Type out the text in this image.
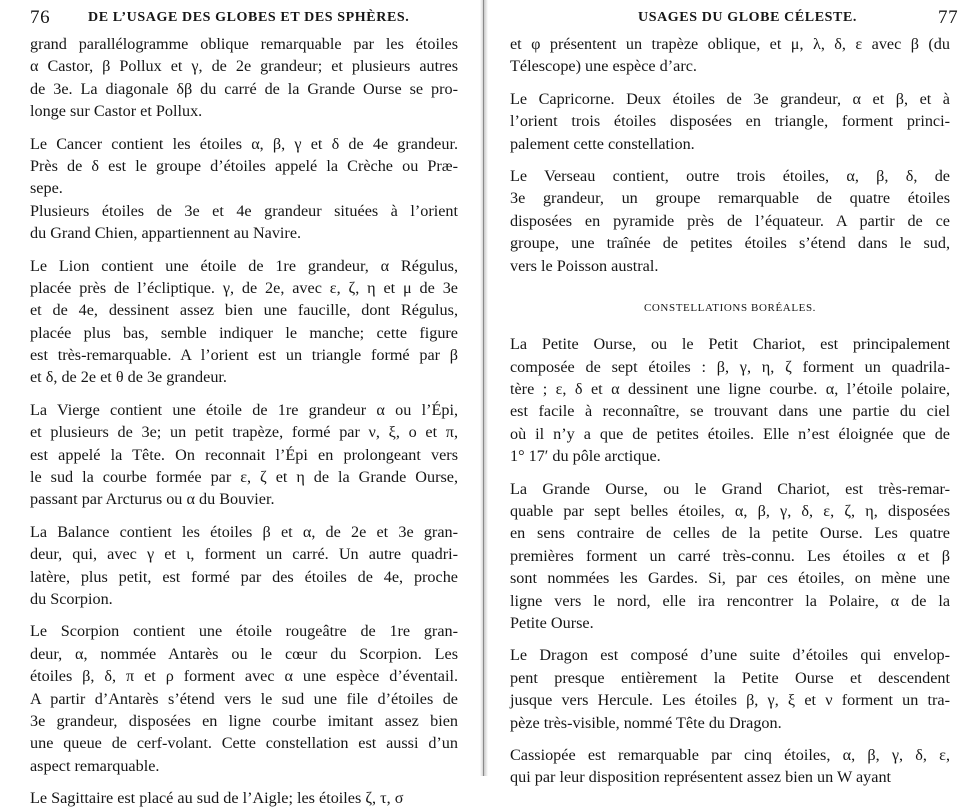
76	DE L’USAGE DES GLOBES ET DES SPHÈRES.
grand parallélogramme oblique remarquable par les étoiles
α Castor, β Pollux et γ, de 2e grandeur; et plusieurs autres
de 3e. La diagonale δβ du carré de la Grande Ourse se pro-
longe sur Castor et Pollux.
Le Cancer contient les étoiles α, β, γ et δ de 4e grandeur.
Près de δ est le groupe d’étoiles appelé la Crèche ou Præ-
sepe.
Plusieurs étoiles de 3e et 4e grandeur situées à l’orient
du Grand Chien, appartiennent au Navire.
Le Lion contient une étoile de 1re grandeur, α Régulus,
placée près de l’écliptique. γ, de 2e, avec ε, ζ, η et μ de 3e
et de 4e, dessinent assez bien une faucille, dont Régulus,
placée plus bas, semble indiquer le manche; cette figure
est très-remarquable. A l’orient est un triangle formé par β
et δ, de 2e et θ de 3e grandeur.
La Vierge contient une étoile de 1re grandeur α ou l’Épi,
et plusieurs de 3e; un petit trapèze, formé par ν, ξ, ο et π,
est appelé la Tête. On reconnait l’Épi en prolongeant vers
le sud la courbe formée par ε, ζ et η de la Grande Ourse,
passant par Arcturus ou α du Bouvier.
La Balance contient les étoiles β et α, de 2e et 3e gran-
deur, qui, avec γ et ι, forment un carré. Un autre quadri-
latère, plus petit, est formé par des étoiles de 4e, proche
du Scorpion.
Le Scorpion contient une étoile rougeâtre de 1re gran-
deur, α, nommée Antarès ou le cœur du Scorpion. Les
étoiles β, δ, π et ρ forment avec α une espèce d’éventail.
A partir d’Antarès s’étend vers le sud une file d’étoiles de
3e grandeur, disposées en ligne courbe imitant assez bien
une queue de cerf-volant. Cette constellation est aussi d’un
aspect remarquable.
Le Sagittaire est placé au sud de l’Aigle; les étoiles ζ, τ, σ
USAGES DU GLOBE CÉLESTE.	77
et φ présentent un trapèze oblique, et μ, λ, δ, ε avec β (du
Télescope) une espèce d’arc.
Le Capricorne. Deux étoiles de 3e grandeur, α et β, et à
l’orient trois étoiles disposées en triangle, forment princi-
palement cette constellation.
Le Verseau contient, outre trois étoiles, α, β, δ, de
3e grandeur, un groupe remarquable de quatre étoiles
disposées en pyramide près de l’équateur. A partir de ce
groupe, une traînée de petites étoiles s’étend dans le sud,
vers le Poisson austral.
CONSTELLATIONS BORÉALES.
La Petite Ourse, ou le Petit Chariot, est principalement
composée de sept étoiles : β, γ, η, ζ forment un quadrila-
tère ; ε, δ et α dessinent une ligne courbe. α, l’étoile polaire,
est facile à reconnaître, se trouvant dans une partie du ciel
où il n’y a que de petites étoiles. Elle n’est éloignée que de
1° 17′ du pôle arctique.
La Grande Ourse, ou le Grand Chariot, est très-remar-
quable par sept belles étoiles, α, β, γ, δ, ε, ζ, η, disposées
en sens contraire de celles de la petite Ourse. Les quatre
premières forment un carré très-connu. Les étoiles α et β
sont nommées les Gardes. Si, par ces étoiles, on mène une
ligne vers le nord, elle ira rencontrer la Polaire, α de la
Petite Ourse.
Le Dragon est composé d’une suite d’étoiles qui envelop-
pent presque entièrement la Petite Ourse et descendent
jusque vers Hercule. Les étoiles β, γ, ξ et ν forment un tra-
pèze très-visible, nommé Tête du Dragon.
Cassiopée est remarquable par cinq étoiles, α, β, γ, δ, ε,
qui par leur disposition représentent assez bien un W ayant
